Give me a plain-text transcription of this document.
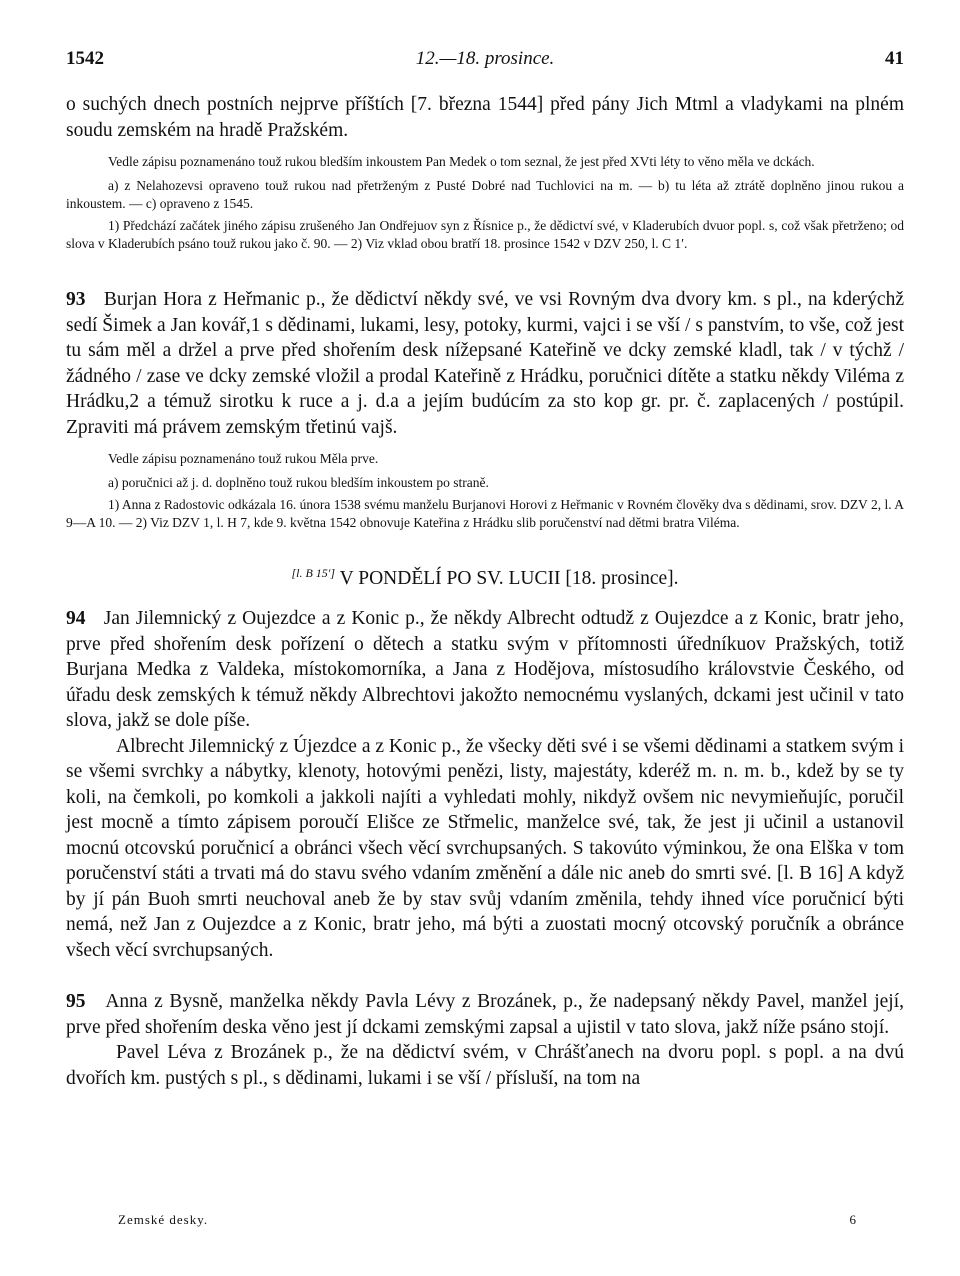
1542	12.—18. prosince.	41

o suchých dnech postních nejprve příštích [7. března 1544] před pány Jich Mtml a vladykami na plném soudu zemském na hradě Pražském.

Vedle zápisu poznamenáno touž rukou bledším inkoustem Pan Medek o tom seznal, že jest před XVti léty to věno měla ve dckách.

a) z Nelahozevsi opraveno touž rukou nad přetrženým z Pusté Dobré nad Tuchlovici na m. — b) tu léta až ztrátě doplněno jinou rukou a inkoustem. — c) opraveno z 1545.

1) Předchází začátek jiného zápisu zrušeného Jan Ondřejuov syn z Řísnice p., že dědictví své, v Kladerubích dvuor popl. s, což však přetrženo; od slova v Kladerubích psáno touž rukou jako č. 90. — 2) Viz vklad obou bratří 18. prosince 1542 v DZV 250, l. C 1′.

93 Burjan Hora z Heřmanic p., že dědictví někdy své, ve vsi Rovným dva dvory km. s pl., na kderýchž sedí Šimek a Jan kovář,1 s dědinami, lukami, lesy, potoky, kurmi, vajci i se vší / s panstvím, to vše, což jest tu sám měl a držel a prve před shořením desk nížepsané Kateřině ve dcky zemské kladl, tak / v týchž / žádného / zase ve dcky zemské vložil a prodal Kateřině z Hrádku, poručnici dítěte a statku někdy Viléma z Hrádku,2 a témuž sirotku k ruce a j. d.a a jejím budúcím za sto kop gr. pr. č. zaplacených / postúpil. Zpraviti má právem zemským třetinú vajš.

Vedle zápisu poznamenáno touž rukou Měla prve.

a) poručnici až j. d. doplněno touž rukou bledším inkoustem po straně.

1) Anna z Radostovic odkázala 16. února 1538 svému manželu Burjanovi Horovi z Heřmanic v Rovném člověky dva s dědinami, srov. DZV 2, l. A 9—A 10. — 2) Viz DZV 1, l. H 7, kde 9. května 1542 obnovuje Kateřina z Hrádku slib poručenství nad dětmi bratra Viléma.

[l. B 15′] V PONDĚLÍ PO SV. LUCII [18. prosince].

94 Jan Jilemnický z Oujezdce a z Konic p., že někdy Albrecht odtudž z Oujezdce a z Konic, bratr jeho, prve před shořením desk pořízení o dětech a statku svým v přítomnosti úředníkuov Pražských, totiž Burjana Medka z Valdeka, místokomorníka, a Jana z Hodějova, místosudího královstvie Českého, od úřadu desk zemských k témuž někdy Albrechtovi jakožto nemocnému vyslaných, dckami jest učinil v tato slova, jakž se dole píše.

Albrecht Jilemnický z Újezdce a z Konic p., že všecky děti své i se všemi dědinami a statkem svým i se všemi svrchky a nábytky, klenoty, hotovými penězi, listy, majestáty, kderéž m. n. m. b., kdež by se ty koli, na čemkoli, po komkoli a jakkoli najíti a vyhledati mohly, nikdyž ovšem nic nevymieňujíc, poručil jest mocně a tímto zápisem poroučí Elišce ze Střmelic, manželce své, tak, že jest ji učinil a ustanovil mocnú otcovskú poručnicí a obránci všech věcí svrchupsaných. S takovúto výminkou, že ona Elška v tom poručenství státi a trvati má do stavu svého vdaním změnění a dále nic aneb do smrti své. [l. B 16] A když by jí pán Buoh smrti neuchoval aneb že by stav svůj vdaním změnila, tehdy ihned více poručnicí býti nemá, než Jan z Oujezdce a z Konic, bratr jeho, má býti a zuostati mocný otcovský poručník a obránce všech věcí svrchupsaných.

95 Anna z Bysně, manželka někdy Pavla Lévy z Brozánek, p., že nadepsaný někdy Pavel, manžel její, prve před shořením deska věno jest jí dckami zemskými zapsal a ujistil v tato slova, jakž níže psáno stojí.

Pavel Léva z Brozánek p., že na dědictví svém, v Chrášťanech na dvoru popl. s popl. a na dvú dvořích km. pustých s pl., s dědinami, lukami i se vší / přísluší, na tom na

Zemské desky.	6
